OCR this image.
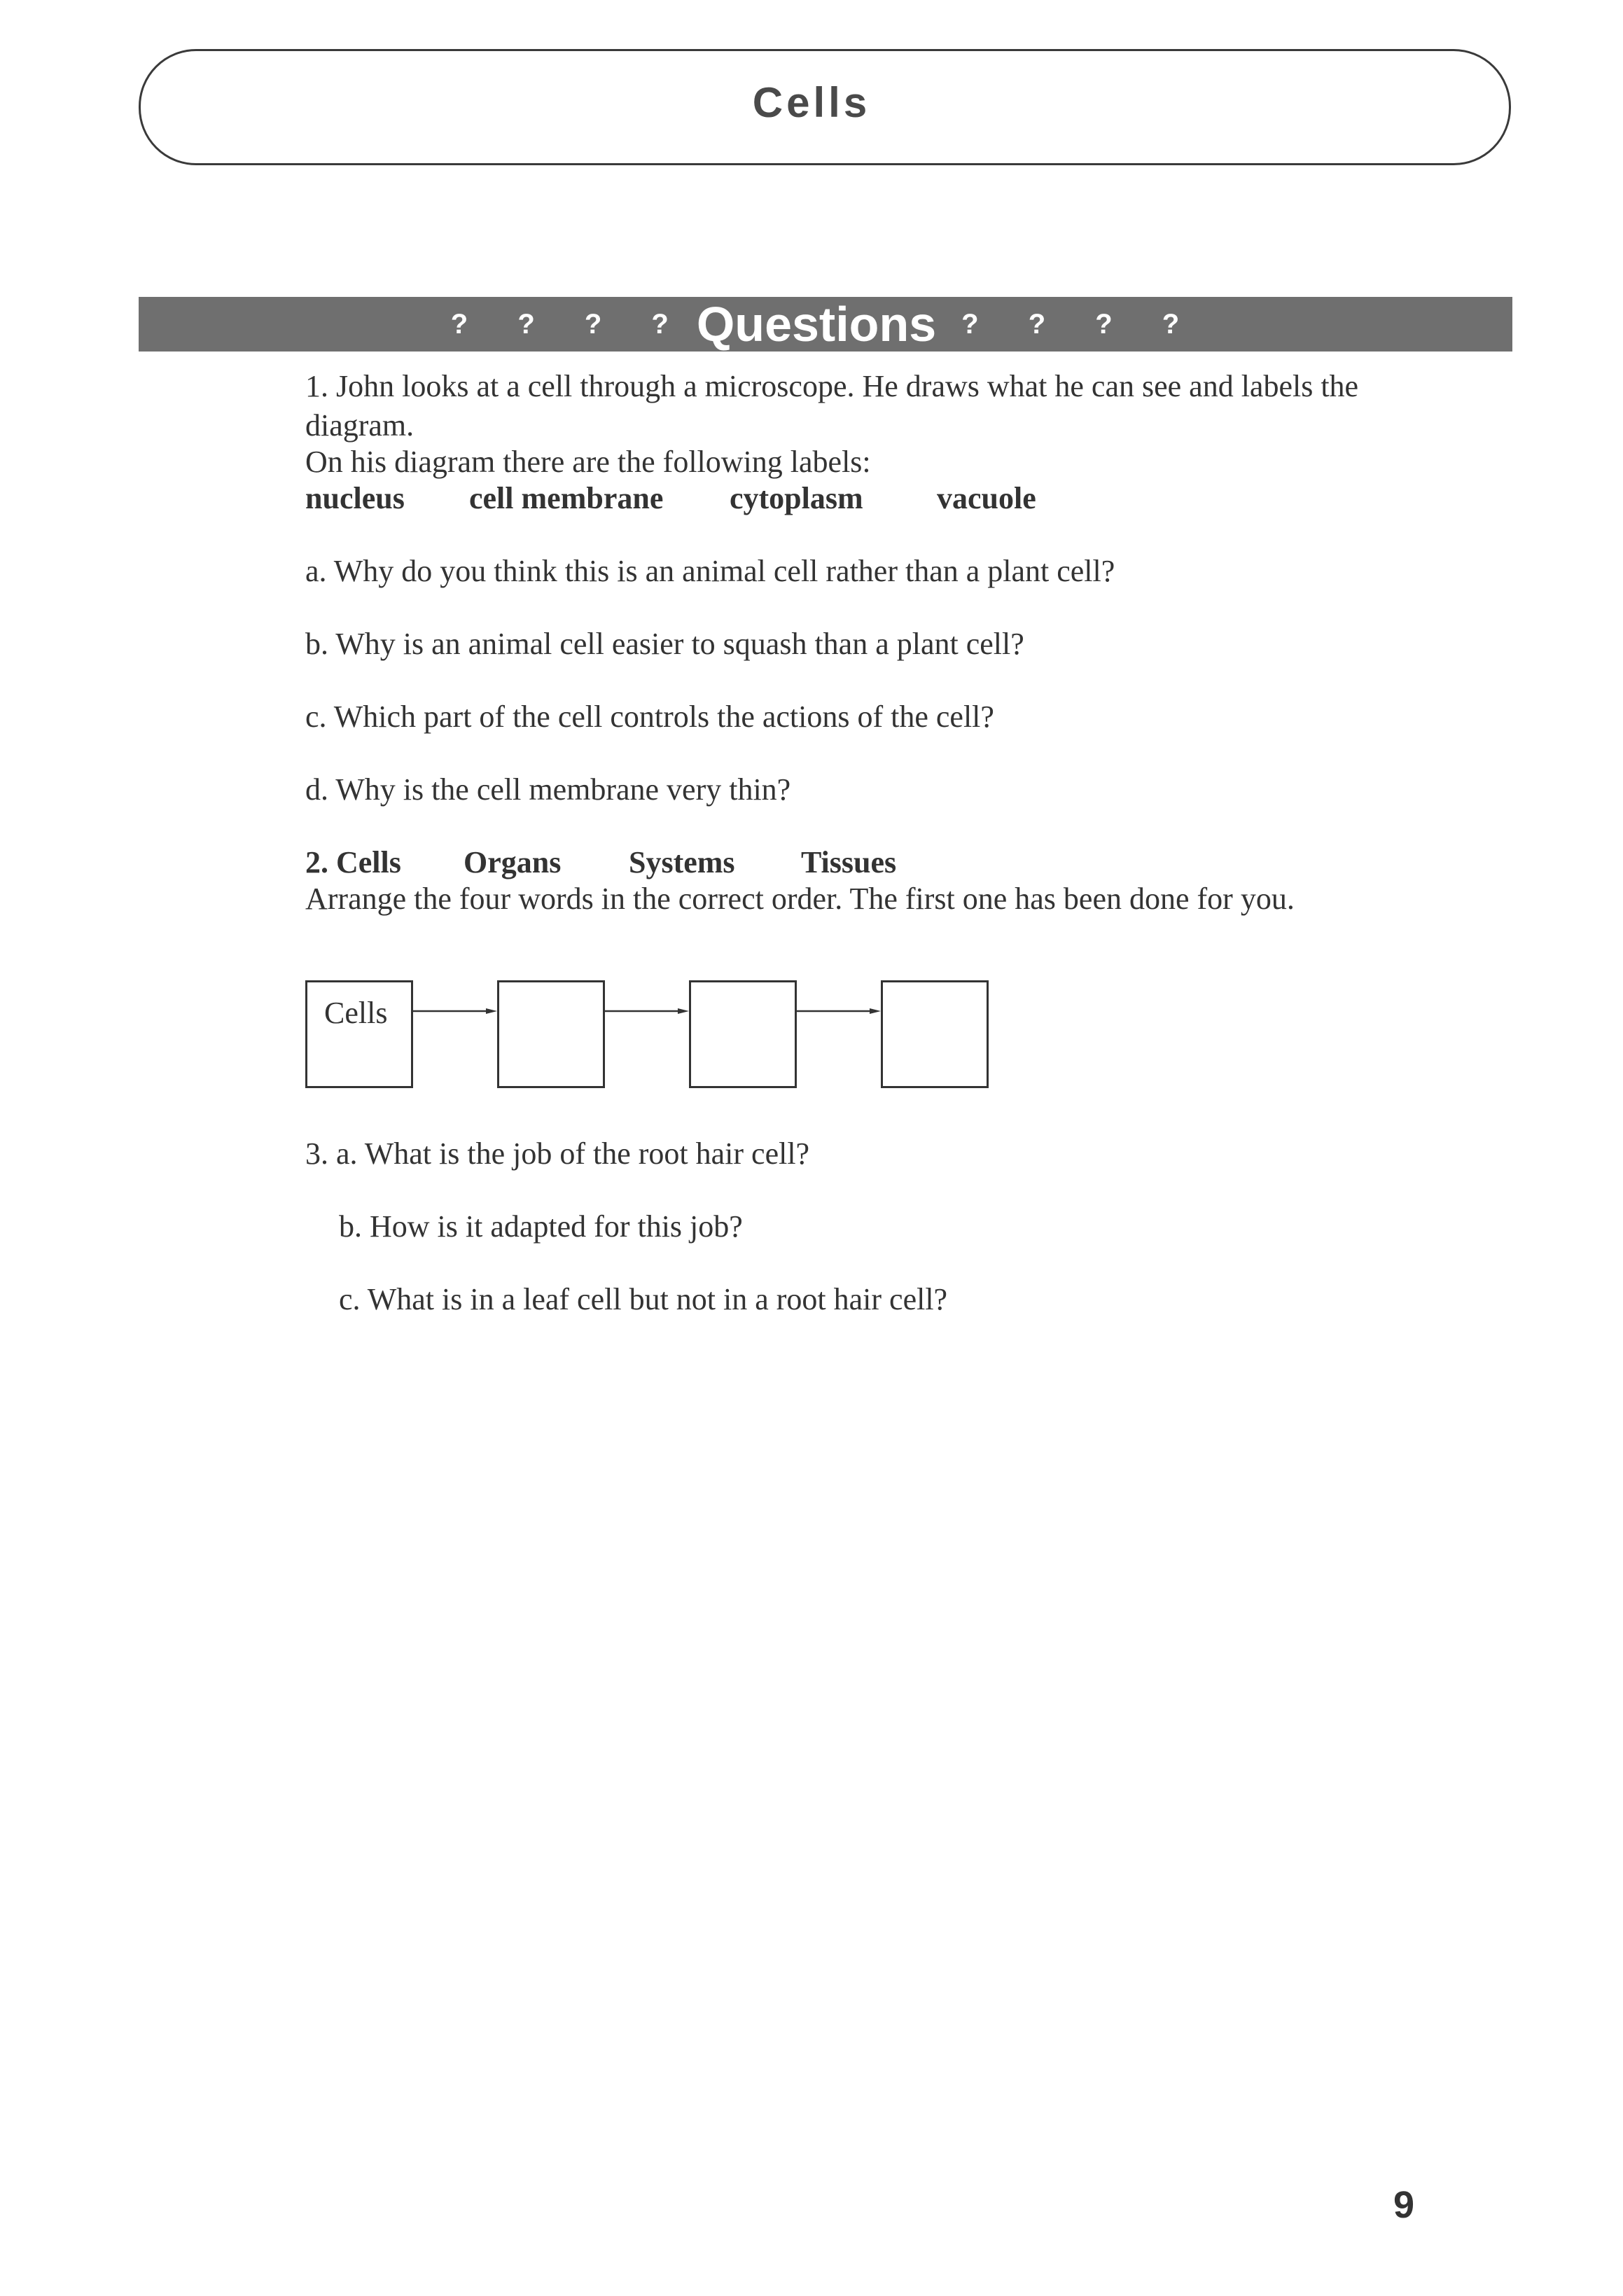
Cells
? ? ? ? Questions ? ? ? ?
1. John looks at a cell through a microscope. He draws what he can see and labels the
diagram.
On his diagram there are the following labels:
nucleus cell membrane cytoplasm vacuole
a. Why do you think this is an animal cell rather than a plant cell?
b. Why is an animal cell easier to squash than a plant cell?
c. Which part of the cell controls the actions of the cell?
d. Why is the cell membrane very thin?
2. Cells Organs Systems Tissues
Arrange the four words in the correct order. The first one has been done for you.
Cells
3. a. What is the job of the root hair cell?
b. How is it adapted for this job?
c. What is in a leaf cell but not in a root hair cell?
9
